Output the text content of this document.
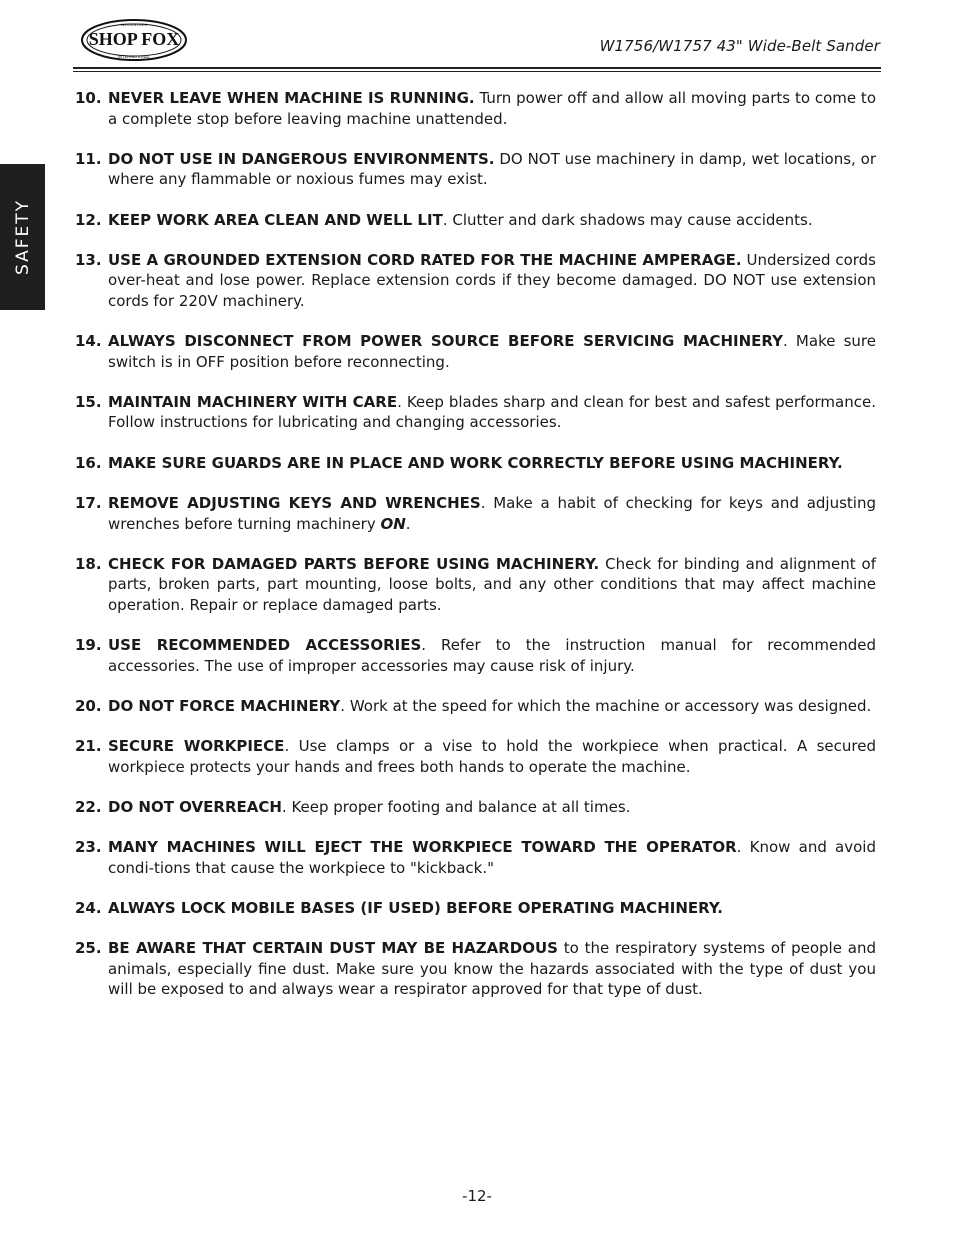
SHOP FOX
WOODSTOCK
INTERNATIONAL
W1756/W1757 43" Wide-Belt Sander
SAFETY
10. NEVER LEAVE WHEN MACHINE IS RUNNING. Turn power off and allow all moving parts to come to a complete stop before leaving machine unattended.
11. DO NOT USE IN DANGEROUS ENVIRONMENTS. DO NOT use machinery in damp, wet locations, or where any flammable or noxious fumes may exist.
12. KEEP WORK AREA CLEAN AND WELL LIT. Clutter and dark shadows may cause accidents.
13. USE A GROUNDED EXTENSION CORD RATED FOR THE MACHINE AMPERAGE. Undersized cords over-heat and lose power. Replace extension cords if they become damaged. DO NOT use extension cords for 220V machinery.
14. ALWAYS DISCONNECT FROM POWER SOURCE BEFORE SERVICING MACHINERY. Make sure switch is in OFF position before reconnecting.
15. MAINTAIN MACHINERY WITH CARE. Keep blades sharp and clean for best and safest performance. Follow instructions for lubricating and changing accessories.
16. MAKE SURE GUARDS ARE IN PLACE AND WORK CORRECTLY BEFORE USING MACHINERY.
17. REMOVE ADJUSTING KEYS AND WRENCHES. Make a habit of checking for keys and adjusting wrenches before turning machinery ON.
18. CHECK FOR DAMAGED PARTS BEFORE USING MACHINERY. Check for binding and alignment of parts, broken parts, part mounting, loose bolts, and any other conditions that may affect machine operation. Repair or replace damaged parts.
19. USE RECOMMENDED ACCESSORIES. Refer to the instruction manual for recommended accessories. The use of improper accessories may cause risk of injury.
20. DO NOT FORCE MACHINERY. Work at the speed for which the machine or accessory was designed.
21. SECURE WORKPIECE. Use clamps or a vise to hold the workpiece when practical. A secured workpiece protects your hands and frees both hands to operate the machine.
22. DO NOT OVERREACH. Keep proper footing and balance at all times.
23. MANY MACHINES WILL EJECT THE WORKPIECE TOWARD THE OPERATOR. Know and avoid condi-tions that cause the workpiece to "kickback."
24. ALWAYS LOCK MOBILE BASES (IF USED) BEFORE OPERATING MACHINERY.
25. BE AWARE THAT CERTAIN DUST MAY BE HAZARDOUS to the respiratory systems of people and animals, especially fine dust. Make sure you know the hazards associated with the type of dust you will be exposed to and always wear a respirator approved for that type of dust.
-12-
